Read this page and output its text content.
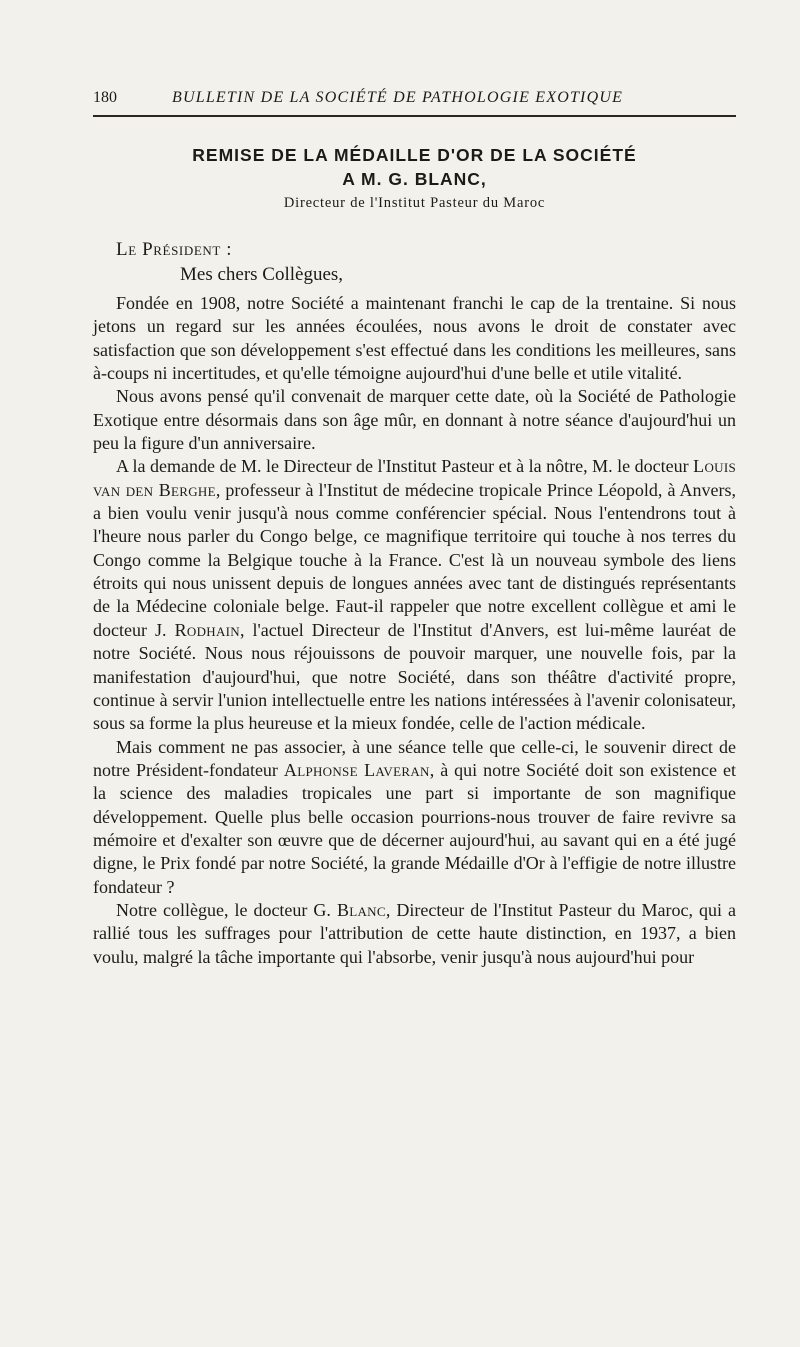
180	BULLETIN DE LA SOCIÉTÉ DE PATHOLOGIE EXOTIQUE
REMISE DE LA MÉDAILLE D'OR DE LA SOCIÉTÉ
A M. G. BLANC,
Directeur de l'Institut Pasteur du Maroc
Le Président :
Mes chers Collègues,

Fondée en 1908, notre Société a maintenant franchi le cap de la trentaine. Si nous jetons un regard sur les années écoulées, nous avons le droit de constater avec satisfaction que son développement s'est effectué dans les conditions les meilleures, sans à-coups ni incertitudes, et qu'elle témoigne aujourd'hui d'une belle et utile vitalité.

Nous avons pensé qu'il convenait de marquer cette date, où la Société de Pathologie Exotique entre désormais dans son âge mûr, en donnant à notre séance d'aujourd'hui un peu la figure d'un anniversaire.

A la demande de M. le Directeur de l'Institut Pasteur et à la nôtre, M. le docteur Louis van den Berghe, professeur à l'Institut de médecine tropicale Prince Léopold, à Anvers, a bien voulu venir jusqu'à nous comme conférencier spécial. Nous l'entendrons tout à l'heure nous parler du Congo belge, ce magnifique territoire qui touche à nos terres du Congo comme la Belgique touche à la France. C'est là un nouveau symbole des liens étroits qui nous unissent depuis de longues années avec tant de distingués représentants de la Médecine coloniale belge. Faut-il rappeler que notre excellent collègue et ami le docteur J. Rodhain, l'actuel Directeur de l'Institut d'Anvers, est lui-même lauréat de notre Société. Nous nous réjouissons de pouvoir marquer, une nouvelle fois, par la manifestation d'aujourd'hui, que notre Société, dans son théâtre d'activité propre, continue à servir l'union intellectuelle entre les nations intéressées à l'avenir colonisateur, sous sa forme la plus heureuse et la mieux fondée, celle de l'action médicale.

Mais comment ne pas associer, à une séance telle que celle-ci, le souvenir direct de notre Président-fondateur Alphonse Laveran, à qui notre Société doit son existence et la science des maladies tropicales une part si importante de son magnifique développement. Quelle plus belle occasion pourrions-nous trouver de faire revivre sa mémoire et d'exalter son œuvre que de décerner aujourd'hui, au savant qui en a été jugé digne, le Prix fondé par notre Société, la grande Médaille d'Or à l'effigie de notre illustre fondateur ?

Notre collègue, le docteur G. Blanc, Directeur de l'Institut Pasteur du Maroc, qui a rallié tous les suffrages pour l'attribution de cette haute distinction, en 1937, a bien voulu, malgré la tâche importante qui l'absorbe, venir jusqu'à nous aujourd'hui pour
